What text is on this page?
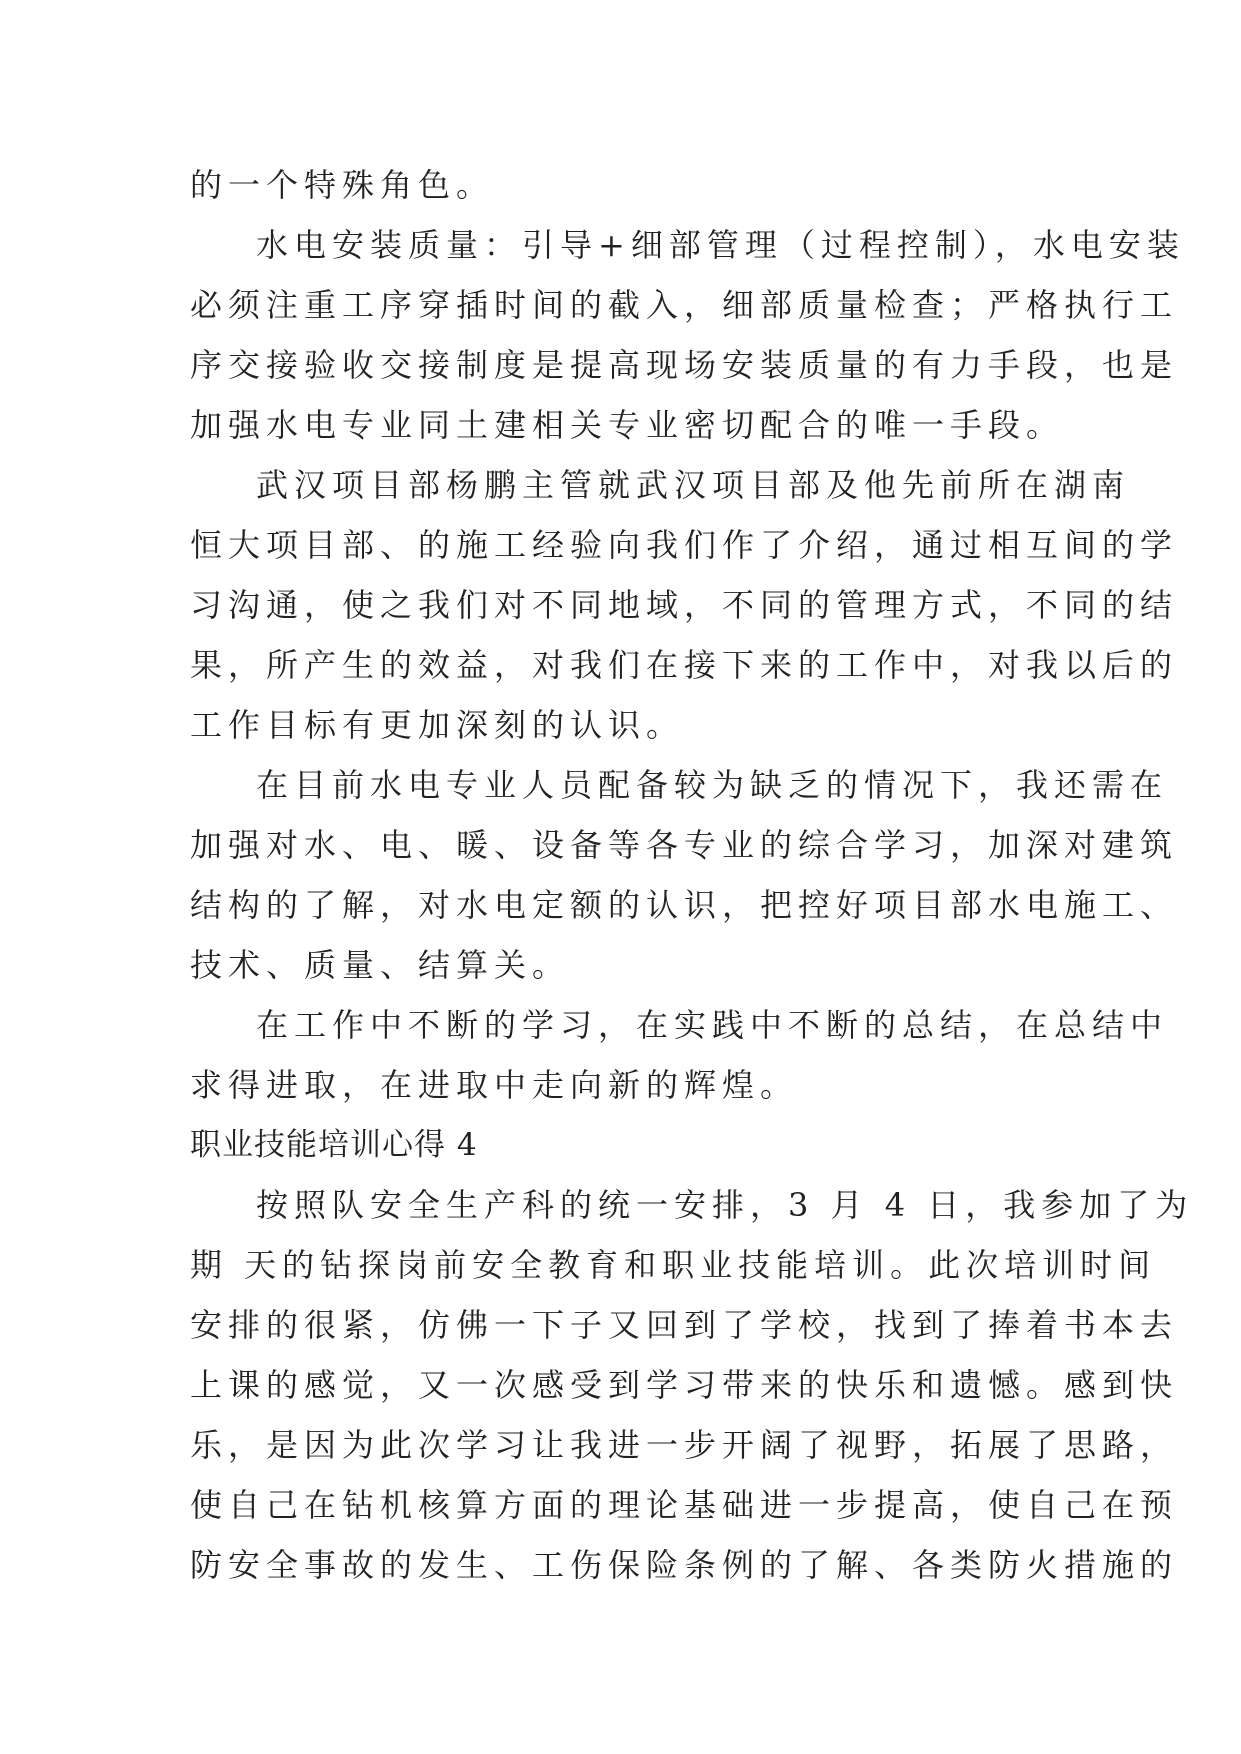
的一个特殊角色。
水电安装质量：引导+细部管理（过程控制），水电安装
必须注重工序穿插时间的截入，细部质量检查；严格执行工
序交接验收交接制度是提高现场安装质量的有力手段，也是
加强水电专业同土建相关专业密切配合的唯一手段。
武汉项目部杨鹏主管就武汉项目部及他先前所在湖南
恒大项目部、的施工经验向我们作了介绍，通过相互间的学
习沟通，使之我们对不同地域，不同的管理方式，不同的结
果，所产生的效益，对我们在接下来的工作中，对我以后的
工作目标有更加深刻的认识。
在目前水电专业人员配备较为缺乏的情况下，我还需在
加强对水、电、暖、设备等各专业的综合学习，加深对建筑
结构的了解，对水电定额的认识，把控好项目部水电施工、
技术、质量、结算关。
在工作中不断的学习，在实践中不断的总结，在总结中
求得进取，在进取中走向新的辉煌。
职业技能培训心得 4
按照队安全生产科的统一安排，3 月 4 日，我参加了为
期 天的钻探岗前安全教育和职业技能培训。此次培训时间
安排的很紧，仿佛一下子又回到了学校，找到了捧着书本去
上课的感觉，又一次感受到学习带来的快乐和遗憾。感到快
乐，是因为此次学习让我进一步开阔了视野，拓展了思路，
使自己在钻机核算方面的理论基础进一步提高，使自己在预
防安全事故的发生、工伤保险条例的了解、各类防火措施的
